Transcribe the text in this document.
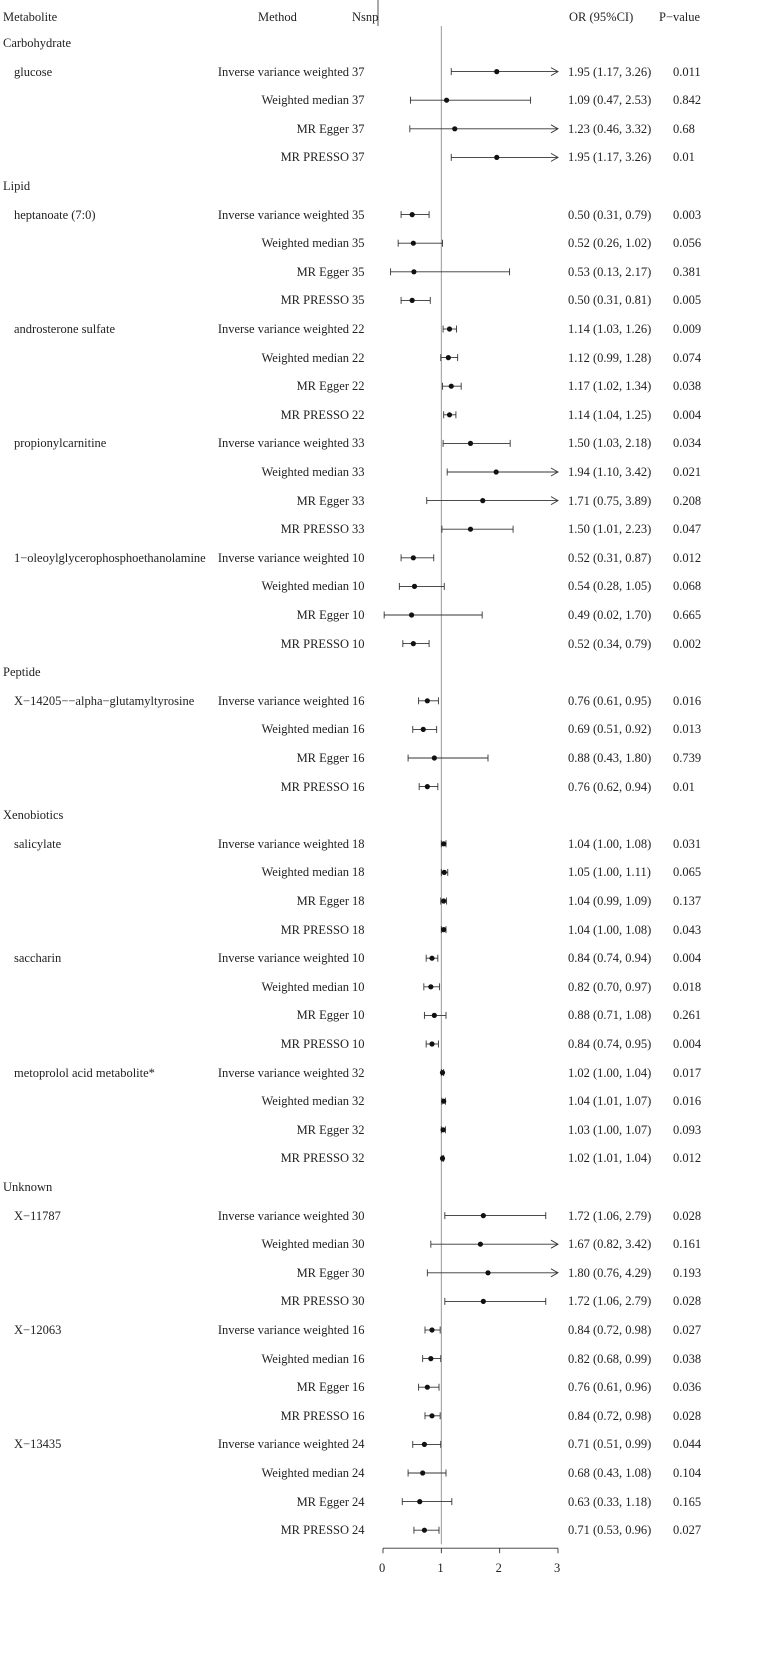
Metabolite	Method	Nsnp	OR (95%CI) P−value
Carbohydrate
glucose	Inverse variance weighted 37	1.95 (1.17, 3.26) 0.011
Weighted median 37	1.09 (0.47, 2.53) 0.842
MR Egger 37	1.23 (0.46, 3.32) 0.68
MR PRESSO 37	1.95 (1.17, 3.26) 0.01
Lipid
heptanoate (7:0)	Inverse variance weighted 35	0.50 (0.31, 0.79) 0.003
Weighted median 35	0.52 (0.26, 1.02) 0.056
MR Egger 35	0.53 (0.13, 2.17) 0.381
MR PRESSO 35	0.50 (0.31, 0.81) 0.005
androsterone sulfate	Inverse variance weighted 22	1.14 (1.03, 1.26) 0.009
Weighted median 22	1.12 (0.99, 1.28) 0.074
MR Egger 22	1.17 (1.02, 1.34) 0.038
MR PRESSO 22	1.14 (1.04, 1.25) 0.004
propionylcarnitine	Inverse variance weighted 33	1.50 (1.03, 2.18) 0.034
Weighted median 33	1.94 (1.10, 3.42) 0.021
MR Egger 33	1.71 (0.75, 3.89) 0.208
MR PRESSO 33	1.50 (1.01, 2.23) 0.047
1−oleoylglycerophosphoethanolamine Inverse variance weighted 10	0.52 (0.31, 0.87) 0.012
Weighted median 10	0.54 (0.28, 1.05) 0.068
MR Egger 10	0.49 (0.02, 1.70) 0.665
MR PRESSO 10	0.52 (0.34, 0.79) 0.002
Peptide
X−14205−−alpha−glutamyltyrosine Inverse variance weighted 16	0.76 (0.61, 0.95) 0.016
Weighted median 16	0.69 (0.51, 0.92) 0.013
MR Egger 16	0.88 (0.43, 1.80) 0.739
MR PRESSO 16	0.76 (0.62, 0.94) 0.01
Xenobiotics
salicylate	Inverse variance weighted 18	1.04 (1.00, 1.08) 0.031
Weighted median 18	1.05 (1.00, 1.11) 0.065
MR Egger 18	1.04 (0.99, 1.09) 0.137
MR PRESSO 18	1.04 (1.00, 1.08) 0.043
saccharin	Inverse variance weighted 10	0.84 (0.74, 0.94) 0.004
Weighted median 10	0.82 (0.70, 0.97) 0.018
MR Egger 10	0.88 (0.71, 1.08) 0.261
MR PRESSO 10	0.84 (0.74, 0.95) 0.004
metoprolol acid metabolite*	Inverse variance weighted 32	1.02 (1.00, 1.04) 0.017
Weighted median 32	1.04 (1.01, 1.07) 0.016
MR Egger 32	1.03 (1.00, 1.07) 0.093
MR PRESSO 32	1.02 (1.01, 1.04) 0.012
Unknown
X−11787	Inverse variance weighted 30	1.72 (1.06, 2.79) 0.028
Weighted median 30	1.67 (0.82, 3.42) 0.161
MR Egger 30	1.80 (0.76, 4.29) 0.193
MR PRESSO 30	1.72 (1.06, 2.79) 0.028
X−12063	Inverse variance weighted 16	0.84 (0.72, 0.98) 0.027
Weighted median 16	0.82 (0.68, 0.99) 0.038
MR Egger 16	0.76 (0.61, 0.96) 0.036
MR PRESSO 16	0.84 (0.72, 0.98) 0.028
X−13435	Inverse variance weighted 24	0.71 (0.51, 0.99) 0.044
Weighted median 24	0.68 (0.43, 1.08) 0.104
MR Egger 24	0.63 (0.33, 1.18) 0.165
MR PRESSO 24	0.71 (0.53, 0.96) 0.027
0	1	2	3
